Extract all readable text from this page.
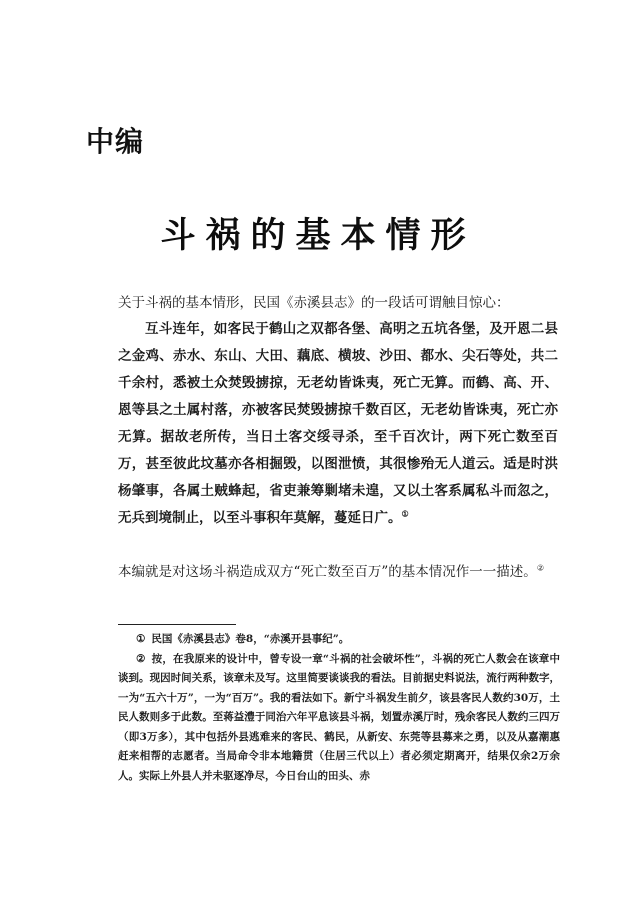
中编
斗祸的基本情形

关于斗祸的基本情形，民国《赤溪县志》的一段话可谓触目惊心：

互斗连年，如客民于鹤山之双都各堡、高明之五坑各堡，及开恩二县之金鸡、赤水、东山、大田、藕底、横坡、沙田、都水、尖石等处，共二千余村，悉被土众焚毁掳掠，无老幼皆诛夷，死亡无算。而鹤、高、开、恩等县之土属村落，亦被客民焚毁掳掠千数百区，无老幼皆诛夷，死亡亦无算。据故老所传，当日土客交绥寻杀，至千百次计，两下死亡数至百万，甚至彼此坟墓亦各相掘毁，以图泄愤，其很惨殆无人道云。适是时洪杨肇事，各属土贼蜂起，省吏兼筹剿堵未遑，又以土客系属私斗而忽之，无兵到境制止，以至斗事积年莫解，蔓延日广。①

本编就是对这场斗祸造成双方“死亡数至百万”的基本情况作一一描述。②

① 民国《赤溪县志》卷8，“赤溪开县事纪”。
② 按，在我原来的设计中，曾专设一章“斗祸的社会破坏性”，斗祸的死亡人数会在该章中谈到。现因时间关系，该章未及写。这里简要谈谈我的看法。目前据史料说法，流行两种数字，一为“五六十万”，一为“百万”。我的看法如下。新宁斗祸发生前夕，该县客民人数约30万，土民人数则多于此数。至蒋益澧于同治六年平息该县斗祸，划置赤溪厅时，残余客民人数约三四万（即3万多），其中包括外县逃难来的客民、鹤民，从新安、东莞等县募来之勇，以及从嘉潮惠赶来相帮的志愿者。当局命令非本地籍贯（住居三代以上）者必须定期离开，结果仅余2万余人。实际上外县人并未驱逐净尽，今日台山的田头、赤
